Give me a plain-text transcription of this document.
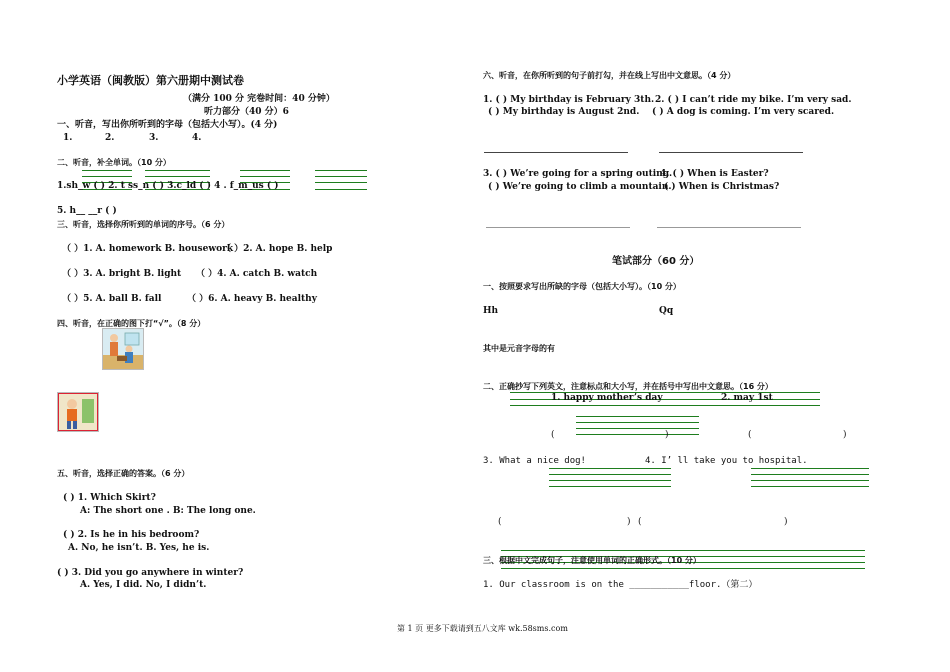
小学英语（闽教版）第六册期中测试卷
（满分 100 分 完卷时间：40 分钟）
听力部分（40 分）6
一、听音，写出你所听到的字母（包括大小写）。(4 分)
1.	2.	3.	4.
二、听音，补全单词。（10 分）
1.sh_w ( ) 2. t ss_n ( ) 3.c_ld ( ) 4 . f_m_us ( )
5. h__ __r ( )
三、听音，选择你所听到的单词的序号。（6 分）
（ ）1. A. homework B. housework
（ ）2. A. hope B. help
（ ）3. A. bright B. light （ ）4. A. catch B. watch
（ ）5. A. ball B. fall	（ ）6. A. heavy B. healthy
四、听音，在正确的图下打“√”。（8 分）
五、听音，选择正确的答案。（6 分）
( ) 1. Which Skirt?
A: The short one . B: The long one.
( ) 2. Is he in his bedroom?
A. No, he isn’t. B. Yes, he is.
( ) 3. Did you go anywhere in winter?
A. Yes, I did. No, I didn’t.
六、听音，在你所听到的句子前打勾，并在线上写出中文意思。（4 分）
1. ( ) My birthday is February 3th.
( ) My birthday is August 2nd.
2. ( ) I can’t ride my bike. I’m very sad.
( ) A dog is coming. I’m very scared.
3. ( ) We’re going for a spring outing.
( ) We’re going to climb a mountain.
4. ( ) When is Easter?
( ) When is Christmas?
笔试部分（60 分）
一、按照要求写出所缺的字母（包括大小写）。（10 分）
Hh	Qq
其中是元音字母的有
二、正确抄写下列英文，注意标点和大小写，并在括号中写出中文意思。（16 分）
1. happy mother’s day	2. may 1st
(	)	(	)
3. What a nice dog!	4. I’ ll take you to hospital.
(	) (	)
三、根据中文完成句子，注意使用单词的正确形式。（10 分）
1. Our classroom is on the ___________floor.（第二）
第 1 页 更多下载请到五八文库 wk.58sms.com
